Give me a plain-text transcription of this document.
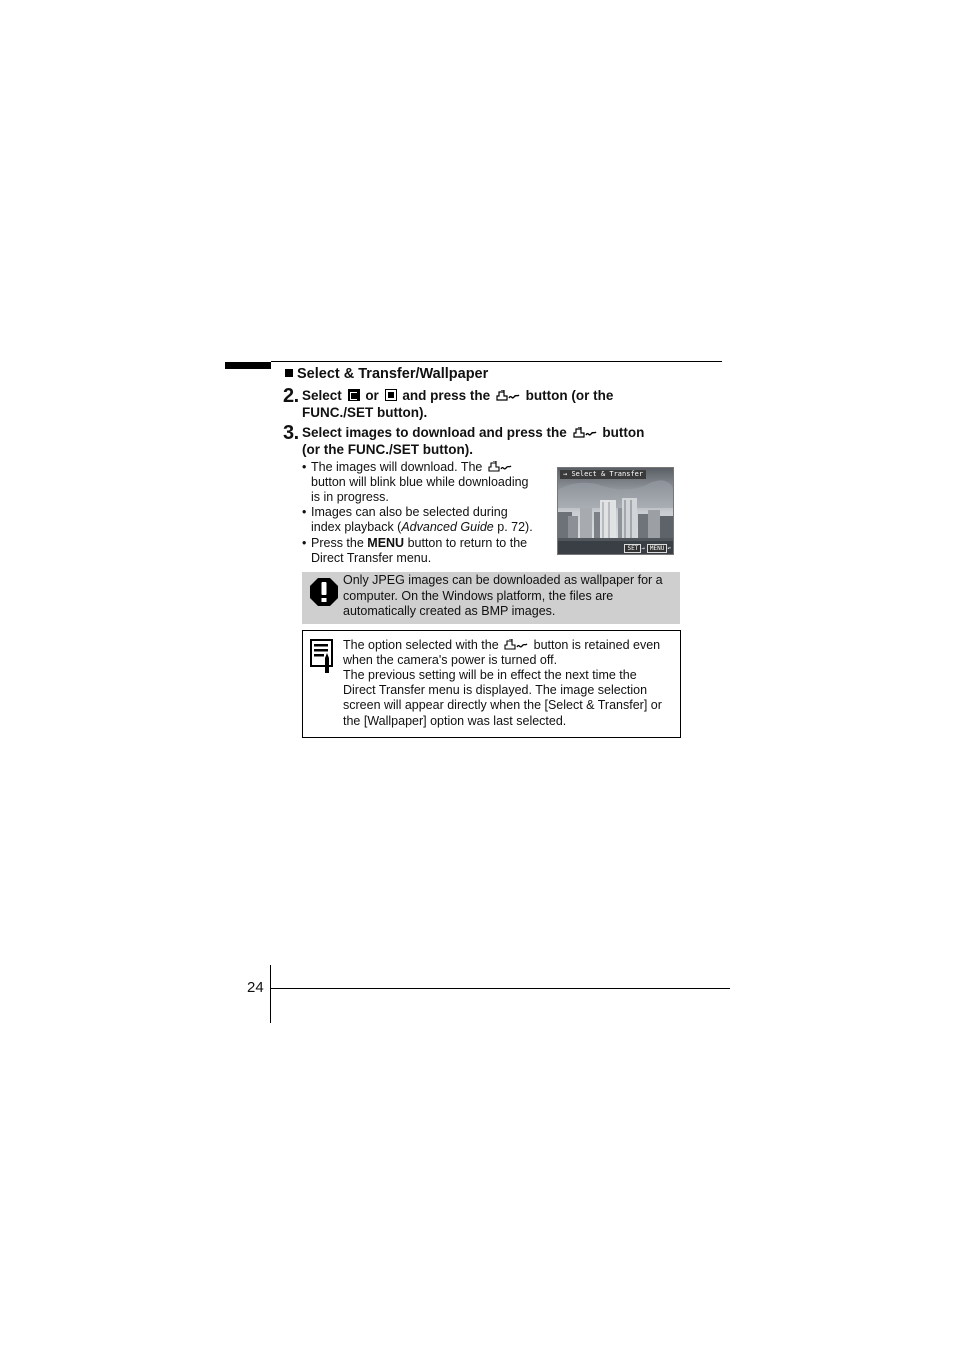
Select & Transfer/Wallpaper
2. Select or and press the	button (or the
FUNC./SET button).
3. Select images to download and press the	button
(or the FUNC./SET button).
• The images will download. The
button will blink blue while downloading
is in progress.
• Images can also be selected during
index playback (Advanced Guide p. 72).
• Press the MENU button to return to the
Direct Transfer menu.
→ Select & Transfer
SET → MENU ↶
Only JPEG images can be downloaded as wallpaper for a
computer. On the Windows platform, the files are
automatically created as BMP images.
The option selected with the	button is retained even
when the camera's power is turned off.
The previous setting will be in effect the next time the
Direct Transfer menu is displayed. The image selection
screen will appear directly when the [Select & Transfer] or
the [Wallpaper] option was last selected.
24
